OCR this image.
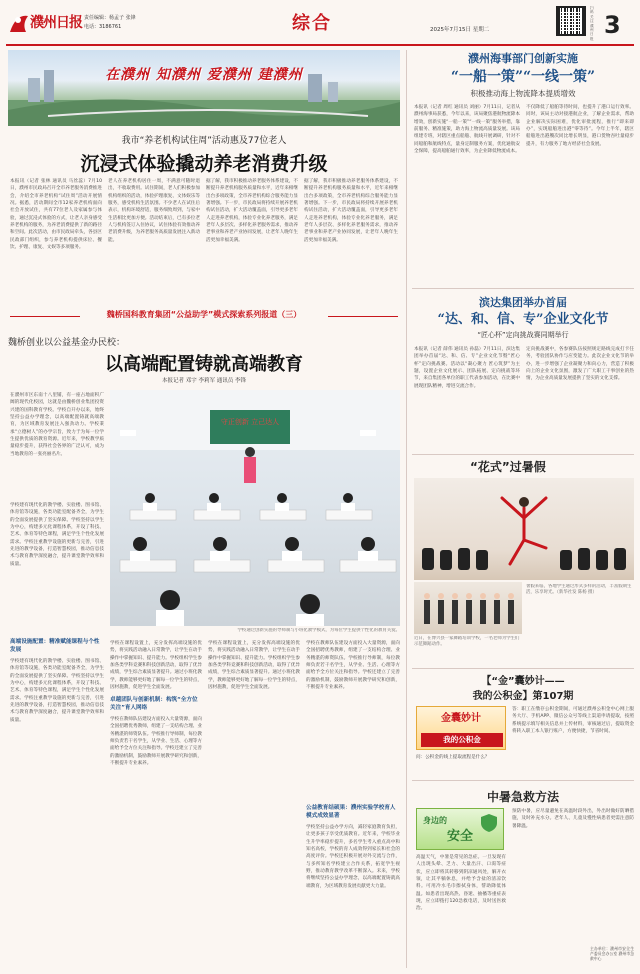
濮州日报 责任编辑：杨孟子 张锋
电话：3186761	综合	2025年7月15日 星期二
扫码关注濮州日报 3
在濮州 知濮州 爱濮州 建濮州
我市“养老机构试住周”活动惠及77位老人
沉浸式体验撬动养老消费升级
本报讯（记者 张林 通讯员 马丝蕊）7月10日，濮州市民政局召开全市养老服务消费推进会，介绍全市养老机构“试住周”活动开展情况。据悉，活动期间全市12家养老机构面向社会开放试住，共有77位老人及家属参与体验，通过沉浸式体验的方式，让老人亲身感受养老机构的服务，为养老消费提供了新的路径和空间。此次活动，由市民政局牵头，各县区民政部门组织，参与养老机构提供床位、餐饮、护理、康复、文娱等多项服务。
老人在养老机构居住一周，不满意可随时退出，不收取费用。试住期间，老人们积极参加机构组织的活动，体验护理康复、文体娱乐等服务，感受机构生活氛围。不少老人在试住后表示，机构环境舒适，服务细致周到，与家中生活相比更加方便。活动结束后，已有多位老人与机构签订入住协议，试住体验有效推动养老消费升级，为养老服务高质量发展注入新动能。
据了解，我市积极推动养老服务体系建设，不断提升养老机构服务质量和水平，近年来相继出台多项政策，全市养老机构综合服务能力显著增强。下一步，市民政局将持续开展养老机构试住活动，扩大活动覆盖面，引导更多老年人走进养老机构，体验专业化养老服务，满足老年人多层次、多样化养老服务需求，推动养老事业和养老产业协同发展，让老年人晚年生活更加幸福美满。
据了解，我市积极推动养老服务体系建设，不断提升养老机构服务质量和水平，近年来相继出台多项政策，全市养老机构综合服务能力显著增强。下一步，市民政局将持续开展养老机构试住活动，扩大活动覆盖面，引导更多老年人走进养老机构，体验专业化养老服务，满足老年人多层次、多样化养老服务需求，推动养老事业和养老产业协同发展，让老年人晚年生活更加幸福美满。
魏桥国科教育集团“公益助学”模式探索系列报道（三）
魏桥创业以公益基金办民校：
以高端配置铸就高端教育
本报记者 邓宇 李莉军 通讯员 李锋
在濮州市区东南十八里铺，有一座占地面积广阔的现代化校园，这就是由魏桥创业集团投资兴建的国科教育学校。学校自开办以来，始终坚持公益办学理念，以高端配置铸就高端教育，为区域教育发展注入强劲动力。学校秉承“立德树人”的办学宗旨，致力于为每一位学生提供优质的教育资源。近年来，学校教学质量稳步提升，获得社会各界的广泛认可，成为当地教育的一张亮丽名片。
守正创新 立己达人
学校通过创新实施的导师制与小班化教学模式，为每位学生提供个性化的教育关爱。
学校建有现代化的教学楼、实验楼、图书馆、体育馆等设施，各类功能室配备齐全，为学生的全面发展提供了坚实保障。学校坚持以学生为中心，构建多元化课程体系，开设了科技、艺术、体育等特色课程，满足学生个性化发展需求。学校注重教学设施的更新与完善，引进先进的教学设备，打造智慧校园，推动信息技术与教育教学深度融合，提升课堂教学效率和质量。
高端设施配置：精准赋能课程与个性发展
学校建有现代化的教学楼、实验楼、图书馆、体育馆等设施，各类功能室配备齐全，为学生的全面发展提供了坚实保障。学校坚持以学生为中心，构建多元化课程体系，开设了科技、艺术、体育等特色课程，满足学生个性化发展需求。学校注重教学设施的更新与完善，引进先进的教学设备，打造智慧校园，推动信息技术与教育教学深度融合，提升课堂教学效率和质量。
学校在课程设置上，充分发挥高端设施的优势，将实践活动融入日常教学，让学生在动手操作中掌握知识、提升能力。学校组织学生参加各类学科竞赛和科技创新活动，取得了优异成绩，学生综合素质显著提升。通过小班化教学，教师能够更好地了解每一位学生的特点，因材施教，促进学生全面发展。
卓越团队与创新机制：构筑“全方位关注”育人网络
学校在教师队伍建设方面投入大量资源，面向全国招聘优秀教师，组建了一支结构合理、业务精湛的师资队伍。学校推行导师制，每位教师负责若干名学生，从学业、生活、心理等方面给予全方位关注和指导。学校还建立了完善的激励机制，鼓励教师开展教学研究和创新，不断提升专业素养。
学校在课程设置上，充分发挥高端设施的优势，将实践活动融入日常教学，让学生在动手操作中掌握知识、提升能力。学校组织学生参加各类学科竞赛和科技创新活动，取得了优异成绩，学生综合素质显著提升。通过小班化教学，教师能够更好地了解每一位学生的特点，因材施教，促进学生全面发展。
学校在教师队伍建设方面投入大量资源，面向全国招聘优秀教师，组建了一支结构合理、业务精湛的师资队伍。学校推行导师制，每位教师负责若干名学生，从学业、生活、心理等方面给予全方位关注和指导。学校还建立了完善的激励机制，鼓励教师开展教学研究和创新，不断提升专业素养。
公益教育结硕果：濮州实验学校育人模式成效显著
学校坚持公益办学方向，减轻家庭教育负担，让更多孩子享受优质教育。近年来，学校毕业生升学率稳步提升，多名学生考入重点高中和知名高校，学校的育人成效得到家长和社会的高度评价。学校还积极开展对外交流与合作，与多所知名学校建立合作关系，拓宽学生视野，推动教育教学改革不断深入。未来，学校将继续坚持公益办学理念，以高端配置铸就高端教育，为区域教育发展贡献更大力量。
濮州海事部门创新实施
“一船一策”“一线一策”
积极推动海上物流降本提质增效
本报讯（记者 周红 通讯员 刘丽）7月11日，记者从濮州海事局获悉，今年以来，该局聚焦港航物流降本增效，创新实施“一船一策”“一线一策”服务举措，靠前服务、精准施策，助力海上物流高质量发展。该局组建专班，对辖区重点船舶、航线开展调研，针对不同船舶和航线特点，量身定制服务方案，优化通航安全保障，提高船舶通行效率，为企业降低物流成本。
不仅降低了船舶等待时间，也提升了港口运行效率。同时，该局主动对接港航企业，了解企业需求，帮助企业解决实际困难，优化审批流程，推行“即来即办”，实现船舶进出港“零等待”。今年上半年，辖区船舶进出港艘次同比增长明显，港口货物吞吐量稳步提升，有力服务了地方经济社会发展。
滨达集团举办首届
“达、和、信、专”企业文化节
“匠心杯”定向挑战赛同期举行
本报讯（记者 薛伟 通讯员 孙磊）7月11日，滨达集团举办首届“达、和、信、专”企业文化节暨“匠心杯”定向挑战赛。活动以“凝心聚力 匠心筑梦”为主题，设置企业文化展示、团队拓展、定向挑战等环节，来自集团各单位的职工代表参加活动，在比赛中展现团队精神，增进交流合作。
定向挑战赛中，各参赛队伍按照规定路线完成打卡任务，考验团队协作与应变能力。此次企业文化节的举办，进一步增强了企业凝聚力和向心力，营造了积极向上的企业文化氛围，激发了广大职工干事创业的热情，为企业高质量发展提供了坚实的文化支撑。
“花式”过暑假
近日，在博兴县一家舞蹈培训学校，一名老师为学生们示范舞蹈动作。
暑假来临，各地学生通过形式多样的活动，丰富假期生活，乐享时光。（新华社发 陈杨 摄）
【“金”囊妙计——
我的公积金】第107期
金囊妙计
我的公积金
问：公积金的线上提取流程是什么？
答：职工在缴存公积金期间，可通过濮州公积金中心网上服务大厅、手机APP、微信公众号等线上渠道申请提取，按照系统提示填写相关信息并上传材料，审核通过后，提取资金将转入职工本人银行账户，方便快捷，节省时间。
中暑急救方法
身边的
安全
高温天气，中暑是常见的急症。一旦发现有人出现头晕、乏力、大量出汗、口渴等症状，应立即将其转移到阴凉通风处，解开衣领，让其平躺休息，并给予含盐的清凉饮料。可用冷水毛巾擦拭身体，帮助降低体温。如患者出现高热、昏迷、抽搐等重症表现，应立即拨打120急救电话，及时送医救治。
预防中暑，应尽量避免在高温时段外出，外出时做好防晒措施，及时补充水分。老年人、儿童及慢性病患者更需注意防暑降温。
主办单位：濮州市安全生产委员会办公室 濮州市急救中心
